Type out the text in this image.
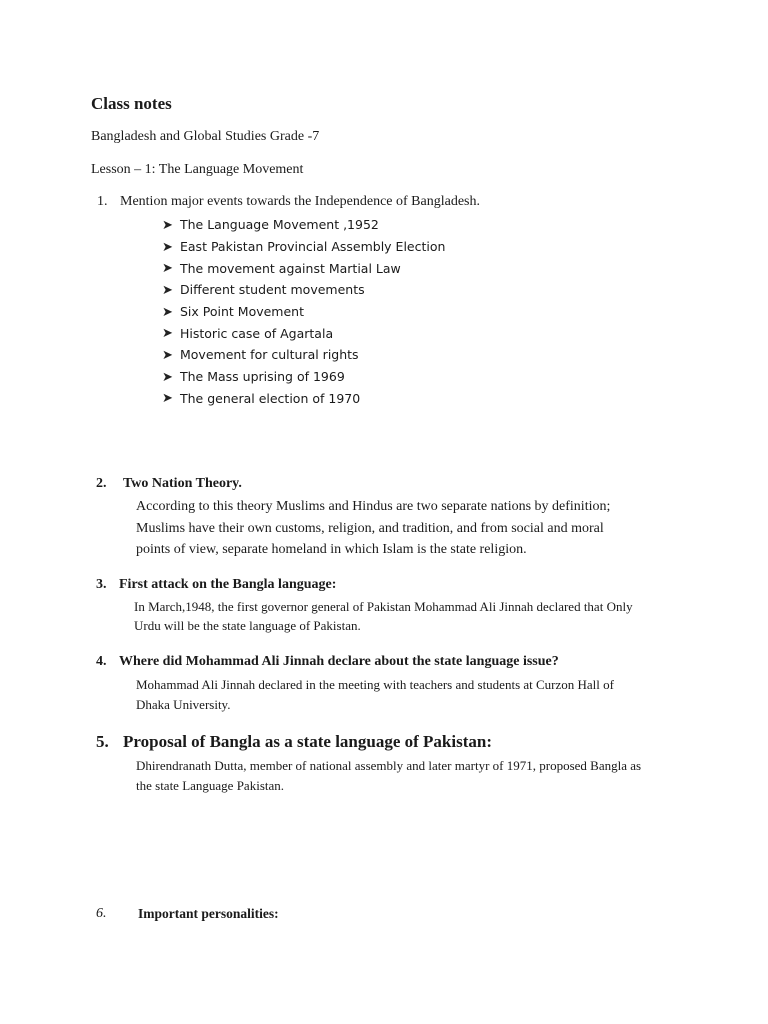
Class notes
Bangladesh and Global Studies Grade -7
Lesson – 1: The Language Movement
1. Mention major events towards the Independence of Bangladesh.
➤ The Language Movement ,1952
➤ East Pakistan Provincial Assembly Election
➤ The movement against Martial Law
➤ Different student movements
➤ Six Point Movement
➤ Historic case of Agartala
➤ Movement for cultural rights
➤ The Mass uprising of 1969
➤ The general election of 1970
2. Two Nation Theory.
According to this theory Muslims and Hindus are two separate nations by definition;
Muslims have their own customs, religion, and tradition, and from social and moral
points of view, separate homeland in which Islam is the state religion.
3. First attack on the Bangla language:
In March,1948, the first governor general of Pakistan Mohammad Ali Jinnah declared that Only
Urdu will be the state language of Pakistan.
4. Where did Mohammad Ali Jinnah declare about the state language issue?
Mohammad Ali Jinnah declared in the meeting with teachers and students at Curzon Hall of
Dhaka University.
5. Proposal of Bangla as a state language of Pakistan:
Dhirendranath Dutta, member of national assembly and later martyr of 1971, proposed Bangla as
the state Language Pakistan.
6. Important personalities:
